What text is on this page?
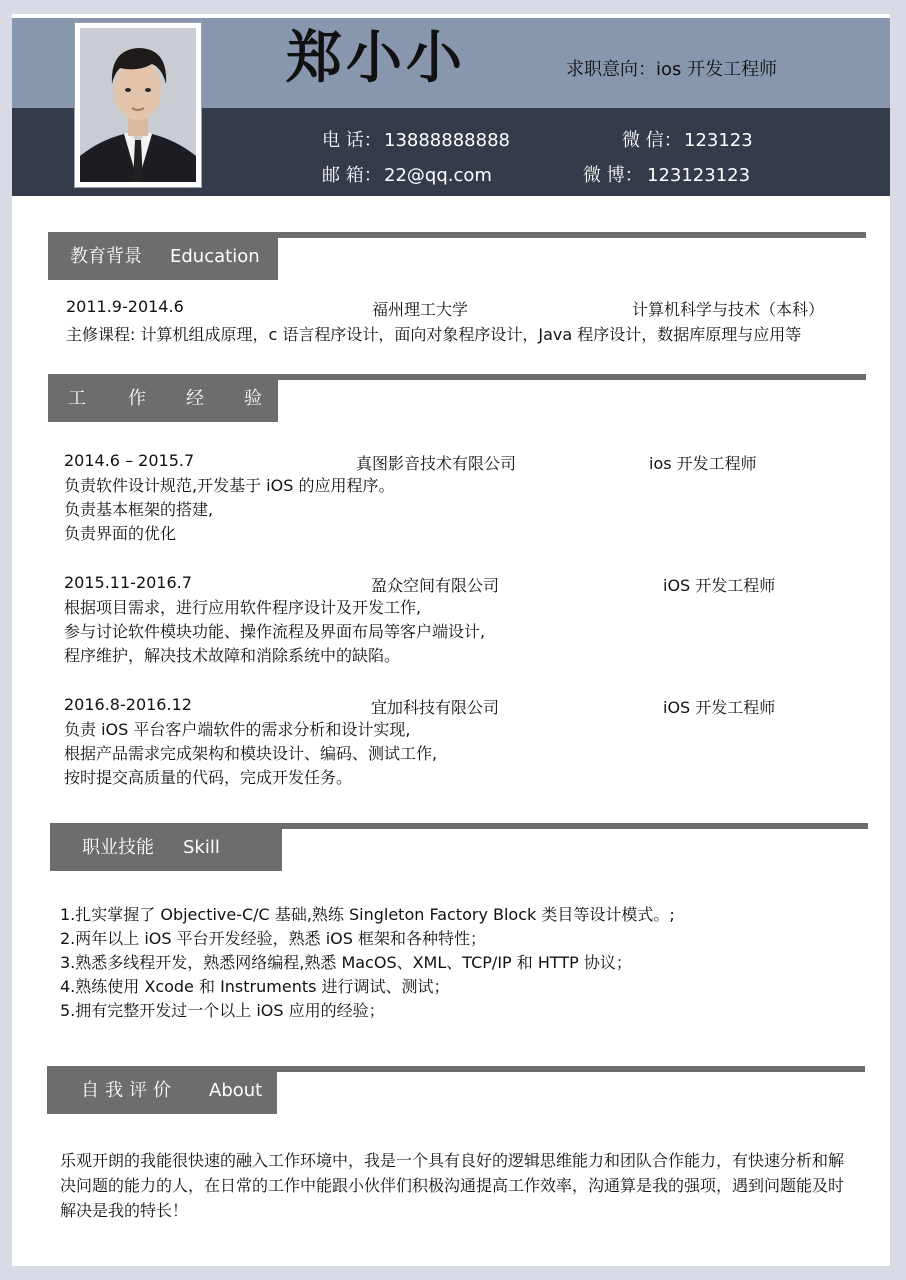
郑小小	求职意向：ios 开发工程师
电 话： 13888888888	微 信： 123123
邮 箱： 22@qq.com	微 博： 123123123
教育背景 Education
2011.9-2014.6	福州理工大学	计算机科学与技术（本科）
主修课程: 计算机组成原理，c 语言程序设计，面向对象程序设计，Java 程序设计，数据库原理与应用等
工 作 经 验
2014.6 – 2015.7	真图影音技术有限公司	ios 开发工程师
负责软件设计规范,开发基于 iOS 的应用程序。
负责基本框架的搭建,
负责界面的优化
2015.11-2016.7	盈众空间有限公司	iOS 开发工程师
根据项目需求，进行应用软件程序设计及开发工作,
参与讨论软件模块功能、操作流程及界面布局等客户端设计,
程序维护，解决技术故障和消除系统中的缺陷。
2016.8-2016.12	宜加科技有限公司	iOS 开发工程师
负责 iOS 平台客户端软件的需求分析和设计实现,
根据产品需求完成架构和模块设计、编码、测试工作,
按时提交高质量的代码，完成开发任务。
职业技能 Skill
1.扎实掌握了 Objective-C/C 基础,熟练 Singleton Factory Block 类目等设计模式。;
2.两年以上 iOS 平台开发经验，熟悉 iOS 框架和各种特性；
3.熟悉多线程开发，熟悉网络编程,熟悉 MacOS、XML、TCP/IP 和 HTTP 协议；
4.熟练使用 Xcode 和 Instruments 进行调试、测试；
5.拥有完整开发过一个以上 iOS 应用的经验；
自我评价 About
乐观开朗的我能很快速的融入工作环境中，我是一个具有良好的逻辑思维能力和团队合作能力，有快速分析和解决问题的能力的人，在日常的工作中能跟小伙伴们积极沟通提高工作效率，沟通算是我的强项，遇到问题能及时解决是我的特长！
